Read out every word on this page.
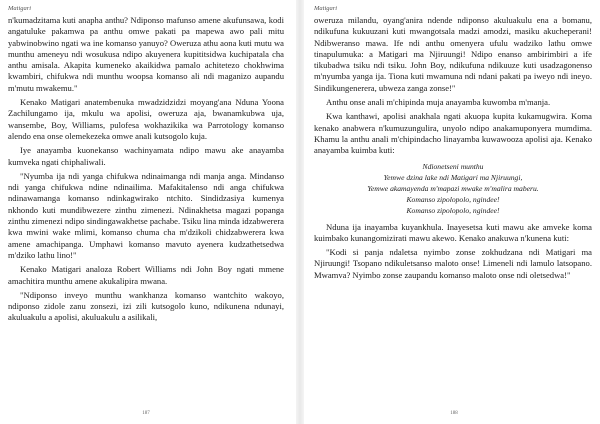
Matigari

n'kumadzitama kuti anapha anthu? Ndiponso mafunso amene akufunsawa, kodi angatuluke pakamwa pa anthu omwe pakati pa mapewa awo pali mitu yabwinobwino ngati wa ine komanso yanuyo? Oweruza athu aona kuti mutu wa munthu ameneyu ndi wosukusa ndipo akuyenera kupititsidwa kuchipatala cha anthu amisala. Akapita kumeneko akaikidwa pamalo achitetezo chokhwima kwambiri, chifukwa ndi munthu woopsa komanso ali ndi maganizo aupandu m'mutu mwakemu."

Kenako Matigari anatembenuka mwadzidzidzi moyang'ana Nduna Yoona Zachilungamo ija, mkulu wa apolisi, oweruza aja, bwanamkubwa uja, wansembe, Boy, Williams, pulofesa wokhazikika wa Parrotology komanso alendo ena onse olemekezeka omwe anali kutsogolo kuja.

Iye anayamba kuonekanso wachinyamata ndipo mawu ake anayamba kumveka ngati chiphaliwali.

"Nyumba ija ndi yanga chifukwa ndinaimanga ndi manja anga. Mindanso ndi yanga chifukwa ndine ndinailima. Mafakitalenso ndi anga chifukwa ndinawamanga komanso ndinkagwirako ntchito. Sindidzasiya kumenya nkhondo kuti mundibwezere zinthu zimenezi. Ndinakhetsa magazi popanga zinthu zimenezi ndipo sindingawakhetse pachabe. Tsiku lina minda idzabwerera kwa mwini wake mlimi, komanso chuma cha m'dzikoli chidzabwerera kwa amene amachipanga. Umphawi komanso mavuto ayenera kudzathetsedwa m'dziko lathu lino!"

Kenako Matigari analoza Robert Williams ndi John Boy ngati mmene amachitira munthu amene akukalipira mwana.

"Ndiponso inveyo munthu wankhanza komanso wantchito wakoyo, ndiponso zidole zanu zonsezi, izi zili kutsogolo kuno, ndikunena ndunayi, akuluakulu a apolisi, akuluakulu a asilikali,

187
Matigari

oweruza milandu, oyang'anira ndende ndiponso akuluakulu ena a bomanu, ndikufuna kukuuzani kuti mwangotsala madzi amodzi, masiku akucheperani! Ndibweranso mawa. Ife ndi anthu omenyera ufulu wadziko lathu omwe tinapulumuka: a Matigari ma Njiruungi! Ndipo enanso ambirimbiri a ife tikubadwa tsiku ndi tsiku. John Boy, ndikufuna ndikuuze kuti usadzagonenso m'nyumba yanga ija. Tiona kuti mwamuna ndi ndani pakati pa iweyo ndi ineyo. Sindikungenerera, ubweza zanga zonse!"

Anthu onse anali m'chipinda muja anayamba kuwomba m'manja.

Kwa kanthawi, apolisi anakhala ngati akuopa kupita kukamugwira. Koma kenako anabwera n'kumuzungulira, unyolo ndipo anakamuponyera mumdima. Khamu la anthu anali m'chipindacho linayamba kuwawooza apolisi aja. Kenako anayamba kuimba kuti:

Ndionetseni munthu
Yemwe dzina lake ndi Matigari ma Njiruungi,
Yemwe akamayenda m'mapazi mwake m'malira maberu.
Komanso zipolopolo, ngindee!
Komanso zipolopolo, ngindee!

Nduna ija inayamba kuyankhula. Inayesetsa kuti mawu ake amveke koma kuimbako kunangomizirati mawu akewo. Kenako anakuwa n'kunena kuti:

"Kodi si panja ndaletsa nyimbo zonse zokhudzana ndi Matigari ma Njiruungi! Tsopano ndikuletsanso maloto onse! Limeneli ndi lamulo latsopano. Mwamva? Nyimbo zonse zaupandu komanso maloto onse ndi oletsedwa!"

188
